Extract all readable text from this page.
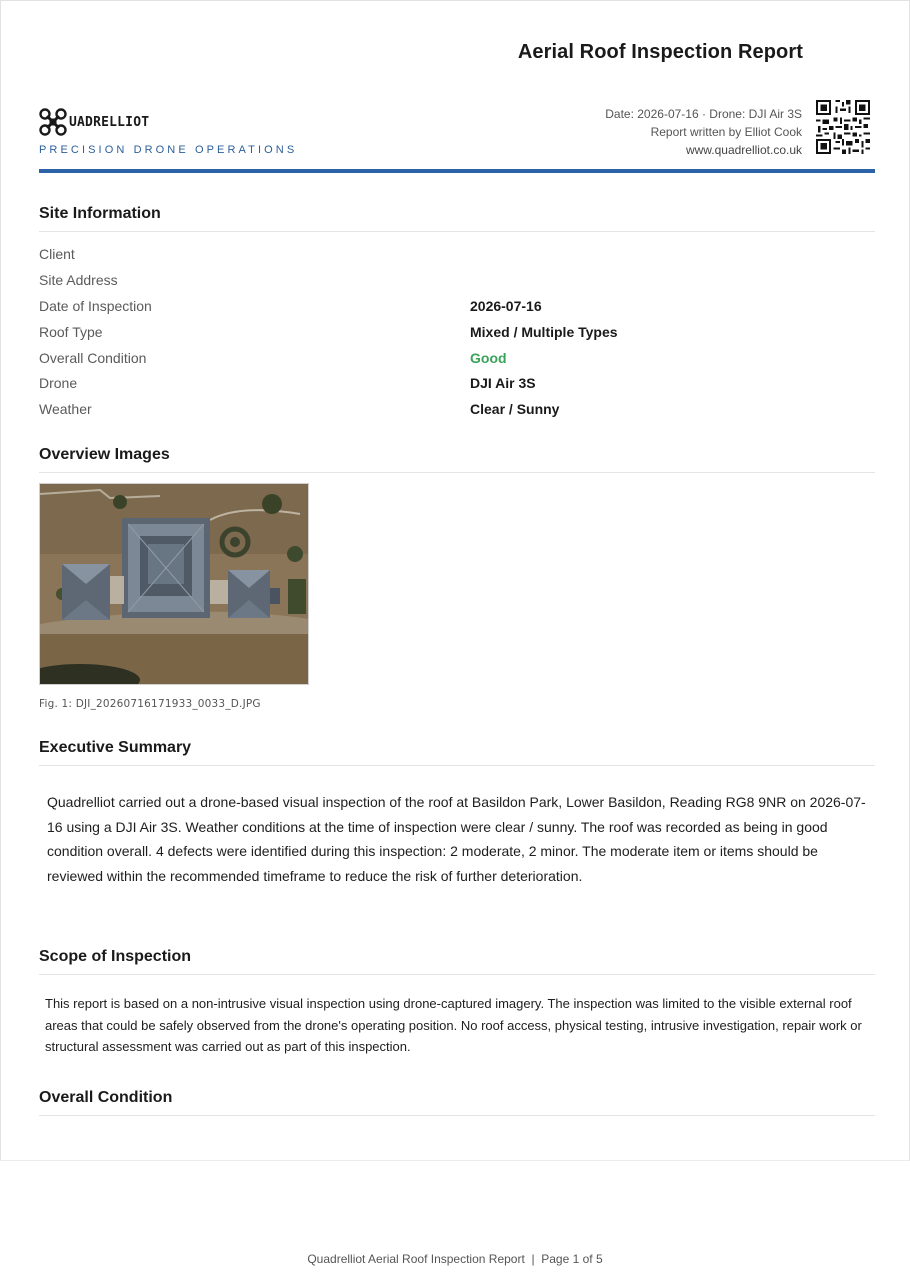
Aerial Roof Inspection Report
UADRELLIOT
PRECISION DRONE OPERATIONS
Date: 2026-07-16 · Drone: DJI Air 3S
Report written by Elliot Cook
www.quadrelliot.co.uk
Site Information
Client
Site Address
Date of Inspection	2026-07-16
Roof Type	Mixed / Multiple Types
Overall Condition	Good
Drone	DJI Air 3S
Weather	Clear / Sunny
Overview Images
Fig. 1: DJI_20260716171933_0033_D.JPG
Executive Summary
Quadrelliot carried out a drone-based visual inspection of the roof at Basildon Park, Lower Basildon, Reading RG8 9NR on 2026-07-16 using a DJI Air 3S. Weather conditions at the time of inspection were clear / sunny. The roof was recorded as being in good condition overall. 4 defects were identified during this inspection: 2 moderate, 2 minor. The moderate item or items should be reviewed within the recommended timeframe to reduce the risk of further deterioration.
Scope of Inspection
This report is based on a non-intrusive visual inspection using drone-captured imagery. The inspection was limited to the visible external roof areas that could be safely observed from the drone's operating position. No roof access, physical testing, intrusive investigation, repair work or structural assessment was carried out as part of this inspection.
Overall Condition
Quadrelliot Aerial Roof Inspection Report  |  Page 1 of 5
